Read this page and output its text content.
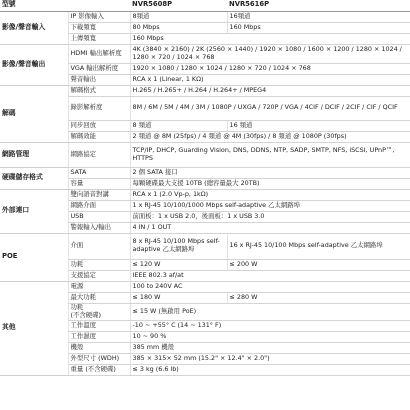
型號		NVR5608P	NVR5616P
影像/聲音輸入	IP 影像輸入	8頻道	16頻道
	下載頻寬	80 Mbps	160 Mbps
	上傳頻寬	160 Mbps	
影像/聲音輸出	HDMI 輸出解析度	4K (3840 × 2160) / 2K (2560 × 1440) / 1920 × 1080 / 1600 × 1200 / 1280 × 1024 / 1280 × 720 / 1024 × 768	
	VGA 輸出解析度	1920 × 1080 / 1280 × 1024 / 1280 × 720 / 1024 × 768	
	聲音輸出	RCA x 1 (Linear, 1 KΩ)	
解碼	解碼格式	H.265 / H.265+ / H.264 / H.264+ / MPEG4	
	錄影解析度	8M / 6M / 5M / 4M / 3M / 1080P / UXGA / 720P / VGA / 4CIF / DCIF / 2CIF / CIF / QCIF	
	同步回放	8 頻道	16 頻道
	解碼效能	2 頻道 @ 8M (25fps) / 4 頻道 @ 4M (30fps) / 8 頻道 @ 1080P (30fps)	
網路管理	網路協定	TCP/IP, DHCP, Guarding Vision, DNS, DDNS, NTP, SADP, SMTP, NFS, iSCSI, UPnP™, HTTPS	
硬碟儲存格式	SATA	2 個 SATA 接口	
	容量	每顆硬碟最大支援 10TB (總容量最大 20TB)	
外部連口	雙向語音對講	RCA x 1 (2.0 Vp-p, 1kΩ)	
	網路介面	1 x RJ-45 10/100/1000 Mbps self-adaptive 乙太網路埠	
	USB	前面板：1 x USB 2.0，後面板：1 x USB 3.0	
	警報輸入/輸出	4 IN / 1 OUT	
POE	介面	8 x RJ-45 10/100 Mbps self-adaptive 乙太網路埠	16 x RJ-45 10/100 Mbps self-adaptive 乙太網路埠
	功耗	≤ 120 W	≤ 200 W
	支援協定	IEEE 802.3 af/at	
其他	電源	100 to 240V AC	
	最大功耗	≤ 180 W	≤ 280 W
	功耗
(不含硬碟)	≤ 15 W (無啟用 PoE)	
	工作溫度	-10 ~ +55° C (14 ~ 131° F)	
	工作濕度	10 ~ 90 %	
	機殼	385 mm 機殼	
	外型尺寸 (WDH)	385 × 315× 52 mm (15.2" × 12.4" × 2.0")	
	重量 (不含硬碟)	≤ 3 kg (6.6 lb)	
